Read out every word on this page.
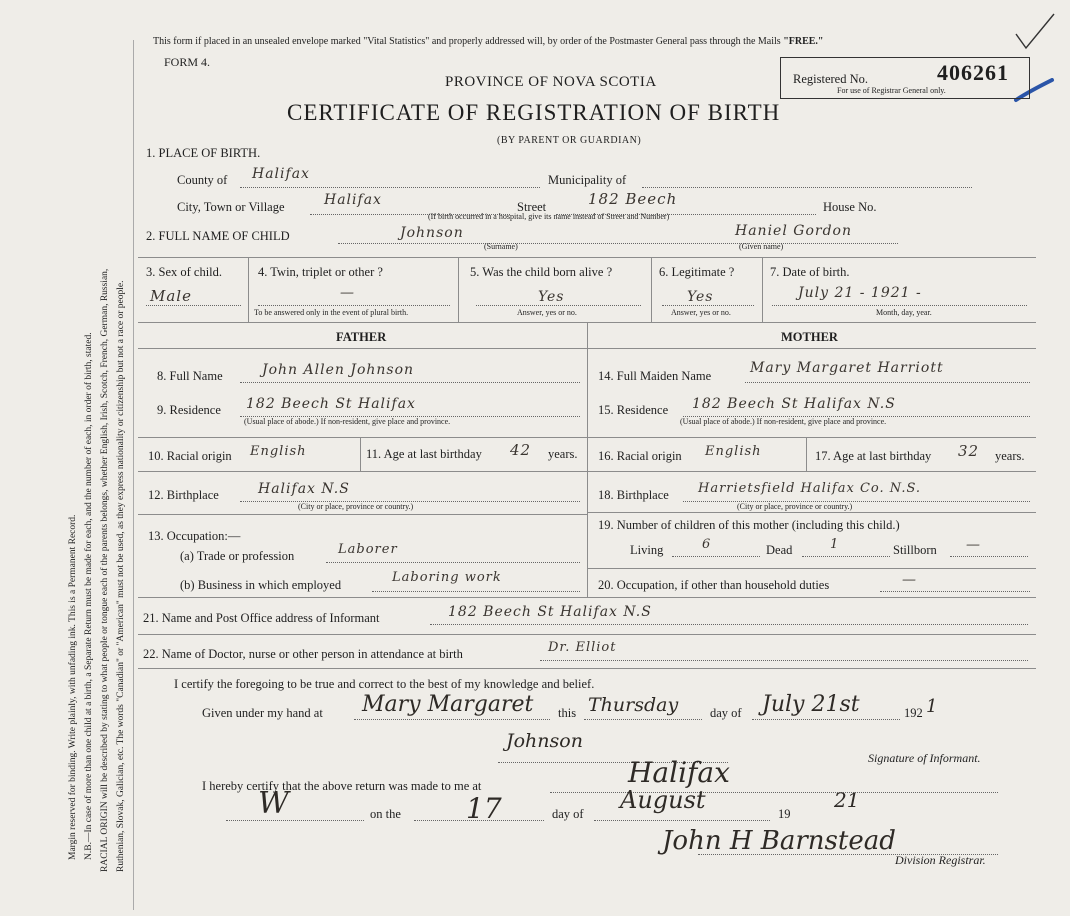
Margin reserved for binding. Write plainly, with unfading ink. This is a Permanent Record. N.B.—In case of more than one child at a birth, a Separate Return must be made for each, and the number of each, in order of birth, stated. RACIAL ORIGIN will be described by stating to what people or tongue each of the parents belongs, whether English, Irish, Scotch, French, German, Russian, Ruthenian, Slovak, Galician, etc. The words "Canadian" or "American" must not be used, as they express nationality or citizenship but not a race or people.
This form if placed in an unsealed envelope marked "Vital Statistics" and properly addressed will, by order of the Postmaster General pass through the Mails "FREE."
FORM 4.
Registered No.	406261
For use of Registrar General only.
PROVINCE OF NOVA SCOTIA
CERTIFICATE OF REGISTRATION OF BIRTH
(BY PARENT OR GUARDIAN)
1. PLACE OF BIRTH.
County of Halifax	Municipality of
City, Town or Village	Halifax	Street	182 Beech	House No.
(If birth occurred in a hospital, give its name instead of Street and Number)
2. FULL NAME OF CHILD	Johnson
(Surname)
Haniel Gordon
(Given name)
3. Sex of child.
Male
4. Twin, triplet or other ?
—
To be answered only in the event of plural birth.
5. Was the child born alive ?
Yes
Answer, yes or no.
6. Legitimate ?
Yes
Answer, yes or no.
7. Date of birth.
July 21 - 1921 -
Month, day, year.
FATHER	MOTHER
8. Full Name	John Allen Johnson
9. Residence 182 Beech St Halifax
(Usual place of abode.) If non-resident, give place and province.
10. Racial origin English	11. Age at last birthday 42 years.
12. Birthplace	Halifax N.S
(City or place, province or country.)
13. Occupation:—
(a) Trade or profession	Laborer
(b) Business in which employed	Laboring work
14. Full Maiden Name	Mary Margaret Harriott
15. Residence 182 Beech St Halifax N.S
(Usual place of abode.) If non-resident, give place and province.
16. Racial origin English	17. Age at last birthday 32 years.
18. Birthplace Harrietsfield Halifax Co. N.S.
(City or place, province or country.)
19. Number of children of this mother (including this child.)
Living	6	Dead	1	Stillborn —
20. Occupation, if other than household duties	—
21. Name and Post Office address of Informant	182 Beech St Halifax N.S
22. Name of Doctor, nurse or other person in attendance at birth	Dr. Elliot
I certify the foregoing to be true and correct to the best of my knowledge and belief.
Given under my hand at Mary Margaret this Thursday	day of July 21st	192 1
Johnson
Signature of Informant.
I hereby certify that the above return was made to me at	Halifax
W	on the 17	day of August	19
21
John H Barnstead
Division Registrar.
